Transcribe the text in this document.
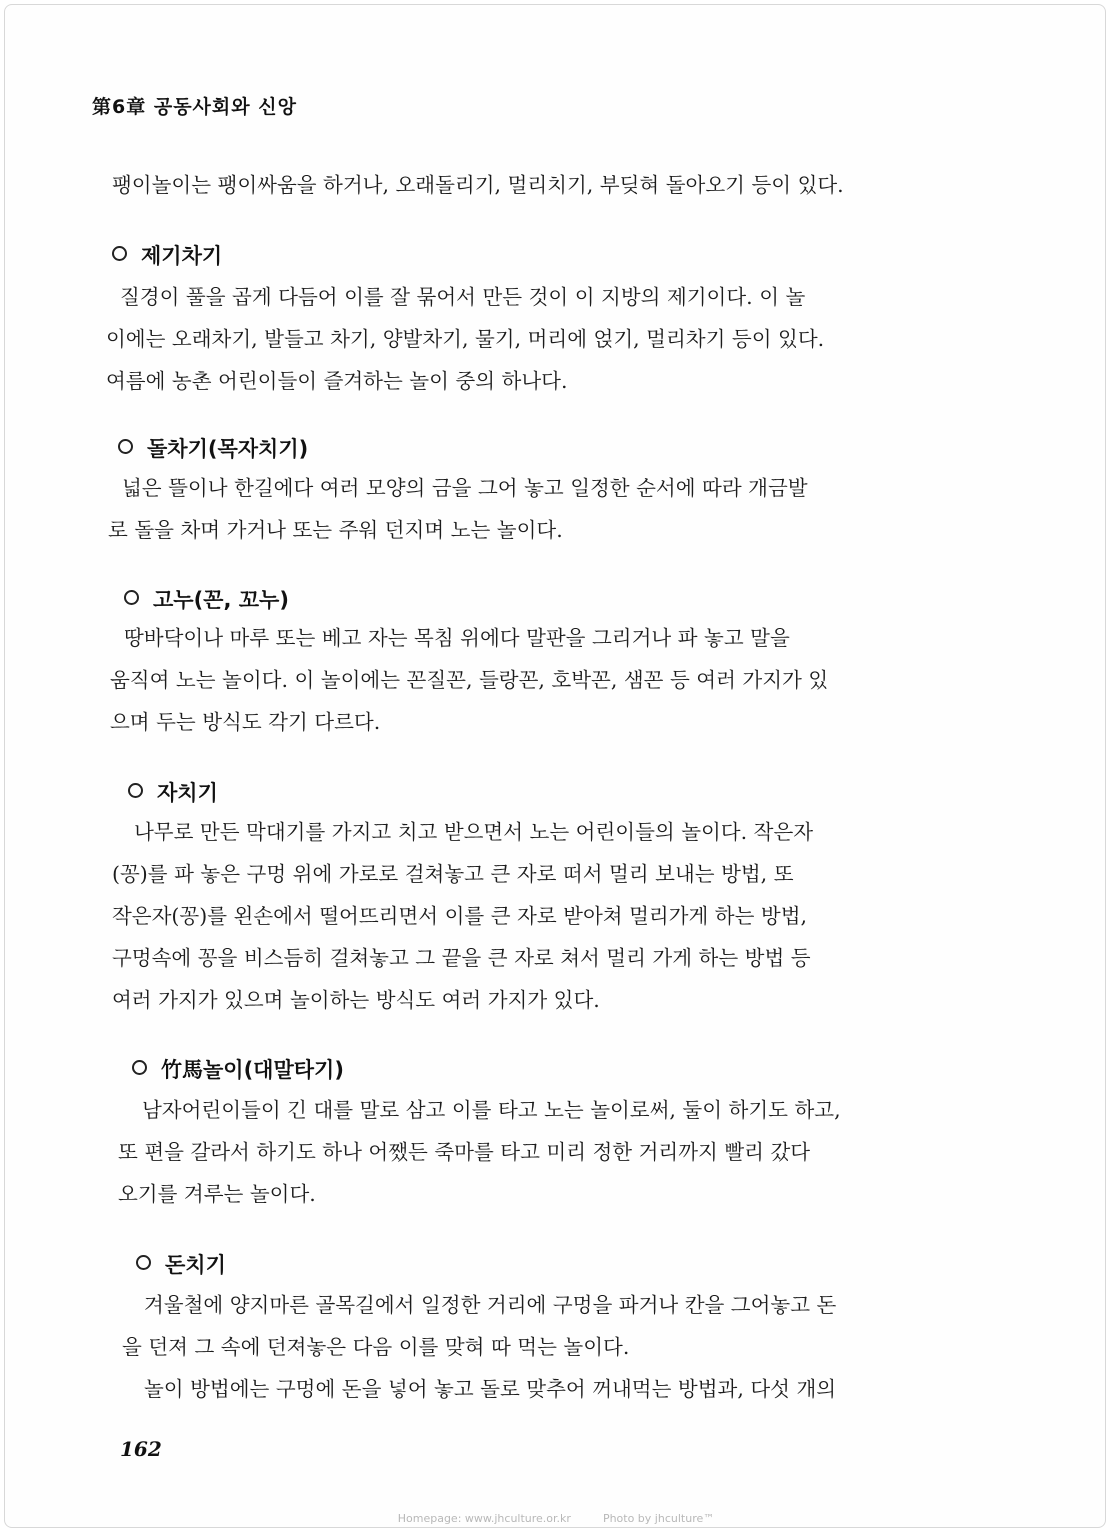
第6章 공동사회와 신앙

팽이놀이는 팽이싸움을 하거나, 오래돌리기, 멀리치기, 부딪혀 돌아오기 등이 있다.

제기차기

질경이 풀을 곱게 다듬어 이를 잘 묶어서 만든 것이 이 지방의 제기이다. 이 놀
이에는 오래차기, 발들고 차기, 양발차기, 물기, 머리에 얹기, 멀리차기 등이 있다.
여름에 농촌 어린이들이 즐겨하는 놀이 중의 하나다.

돌차기(목자치기)

넓은 뜰이나 한길에다 여러 모양의 금을 그어 놓고 일정한 순서에 따라 개금발
로 돌을 차며 가거나 또는 주워 던지며 노는 놀이다.

고누(꼰, 꼬누)

땅바닥이나 마루 또는 베고 자는 목침 위에다 말판을 그리거나 파 놓고 말을
움직여 노는 놀이다. 이 놀이에는 꼰질꼰, 들랑꼰, 호박꼰, 샘꼰 등 여러 가지가 있
으며 두는 방식도 각기 다르다.

자치기

나무로 만든 막대기를 가지고 치고 받으면서 노는 어린이들의 놀이다. 작은자
(꽁)를 파 놓은 구멍 위에 가로로 걸쳐놓고 큰 자로 떠서 멀리 보내는 방법, 또
작은자(꽁)를 왼손에서 떨어뜨리면서 이를 큰 자로 받아쳐 멀리가게 하는 방법,
구멍속에 꽁을 비스듬히 걸쳐놓고 그 끝을 큰 자로 쳐서 멀리 가게 하는 방법 등
여러 가지가 있으며 놀이하는 방식도 여러 가지가 있다.

竹馬놀이(대말타기)

남자어린이들이 긴 대를 말로 삼고 이를 타고 노는 놀이로써, 둘이 하기도 하고,
또 편을 갈라서 하기도 하나 어쨌든 죽마를 타고 미리 정한 거리까지 빨리 갔다
오기를 겨루는 놀이다.

돈치기

겨울철에 양지마른 골목길에서 일정한 거리에 구멍을 파거나 칸을 그어놓고 돈
을 던져 그 속에 던져놓은 다음 이를 맞혀 따 먹는 놀이다.
놀이 방법에는 구멍에 돈을 넣어 놓고 돌로 맞추어 꺼내먹는 방법과, 다섯 개의

162
Homepage: www.jhculture.or.kr	Photo by jhculture™
